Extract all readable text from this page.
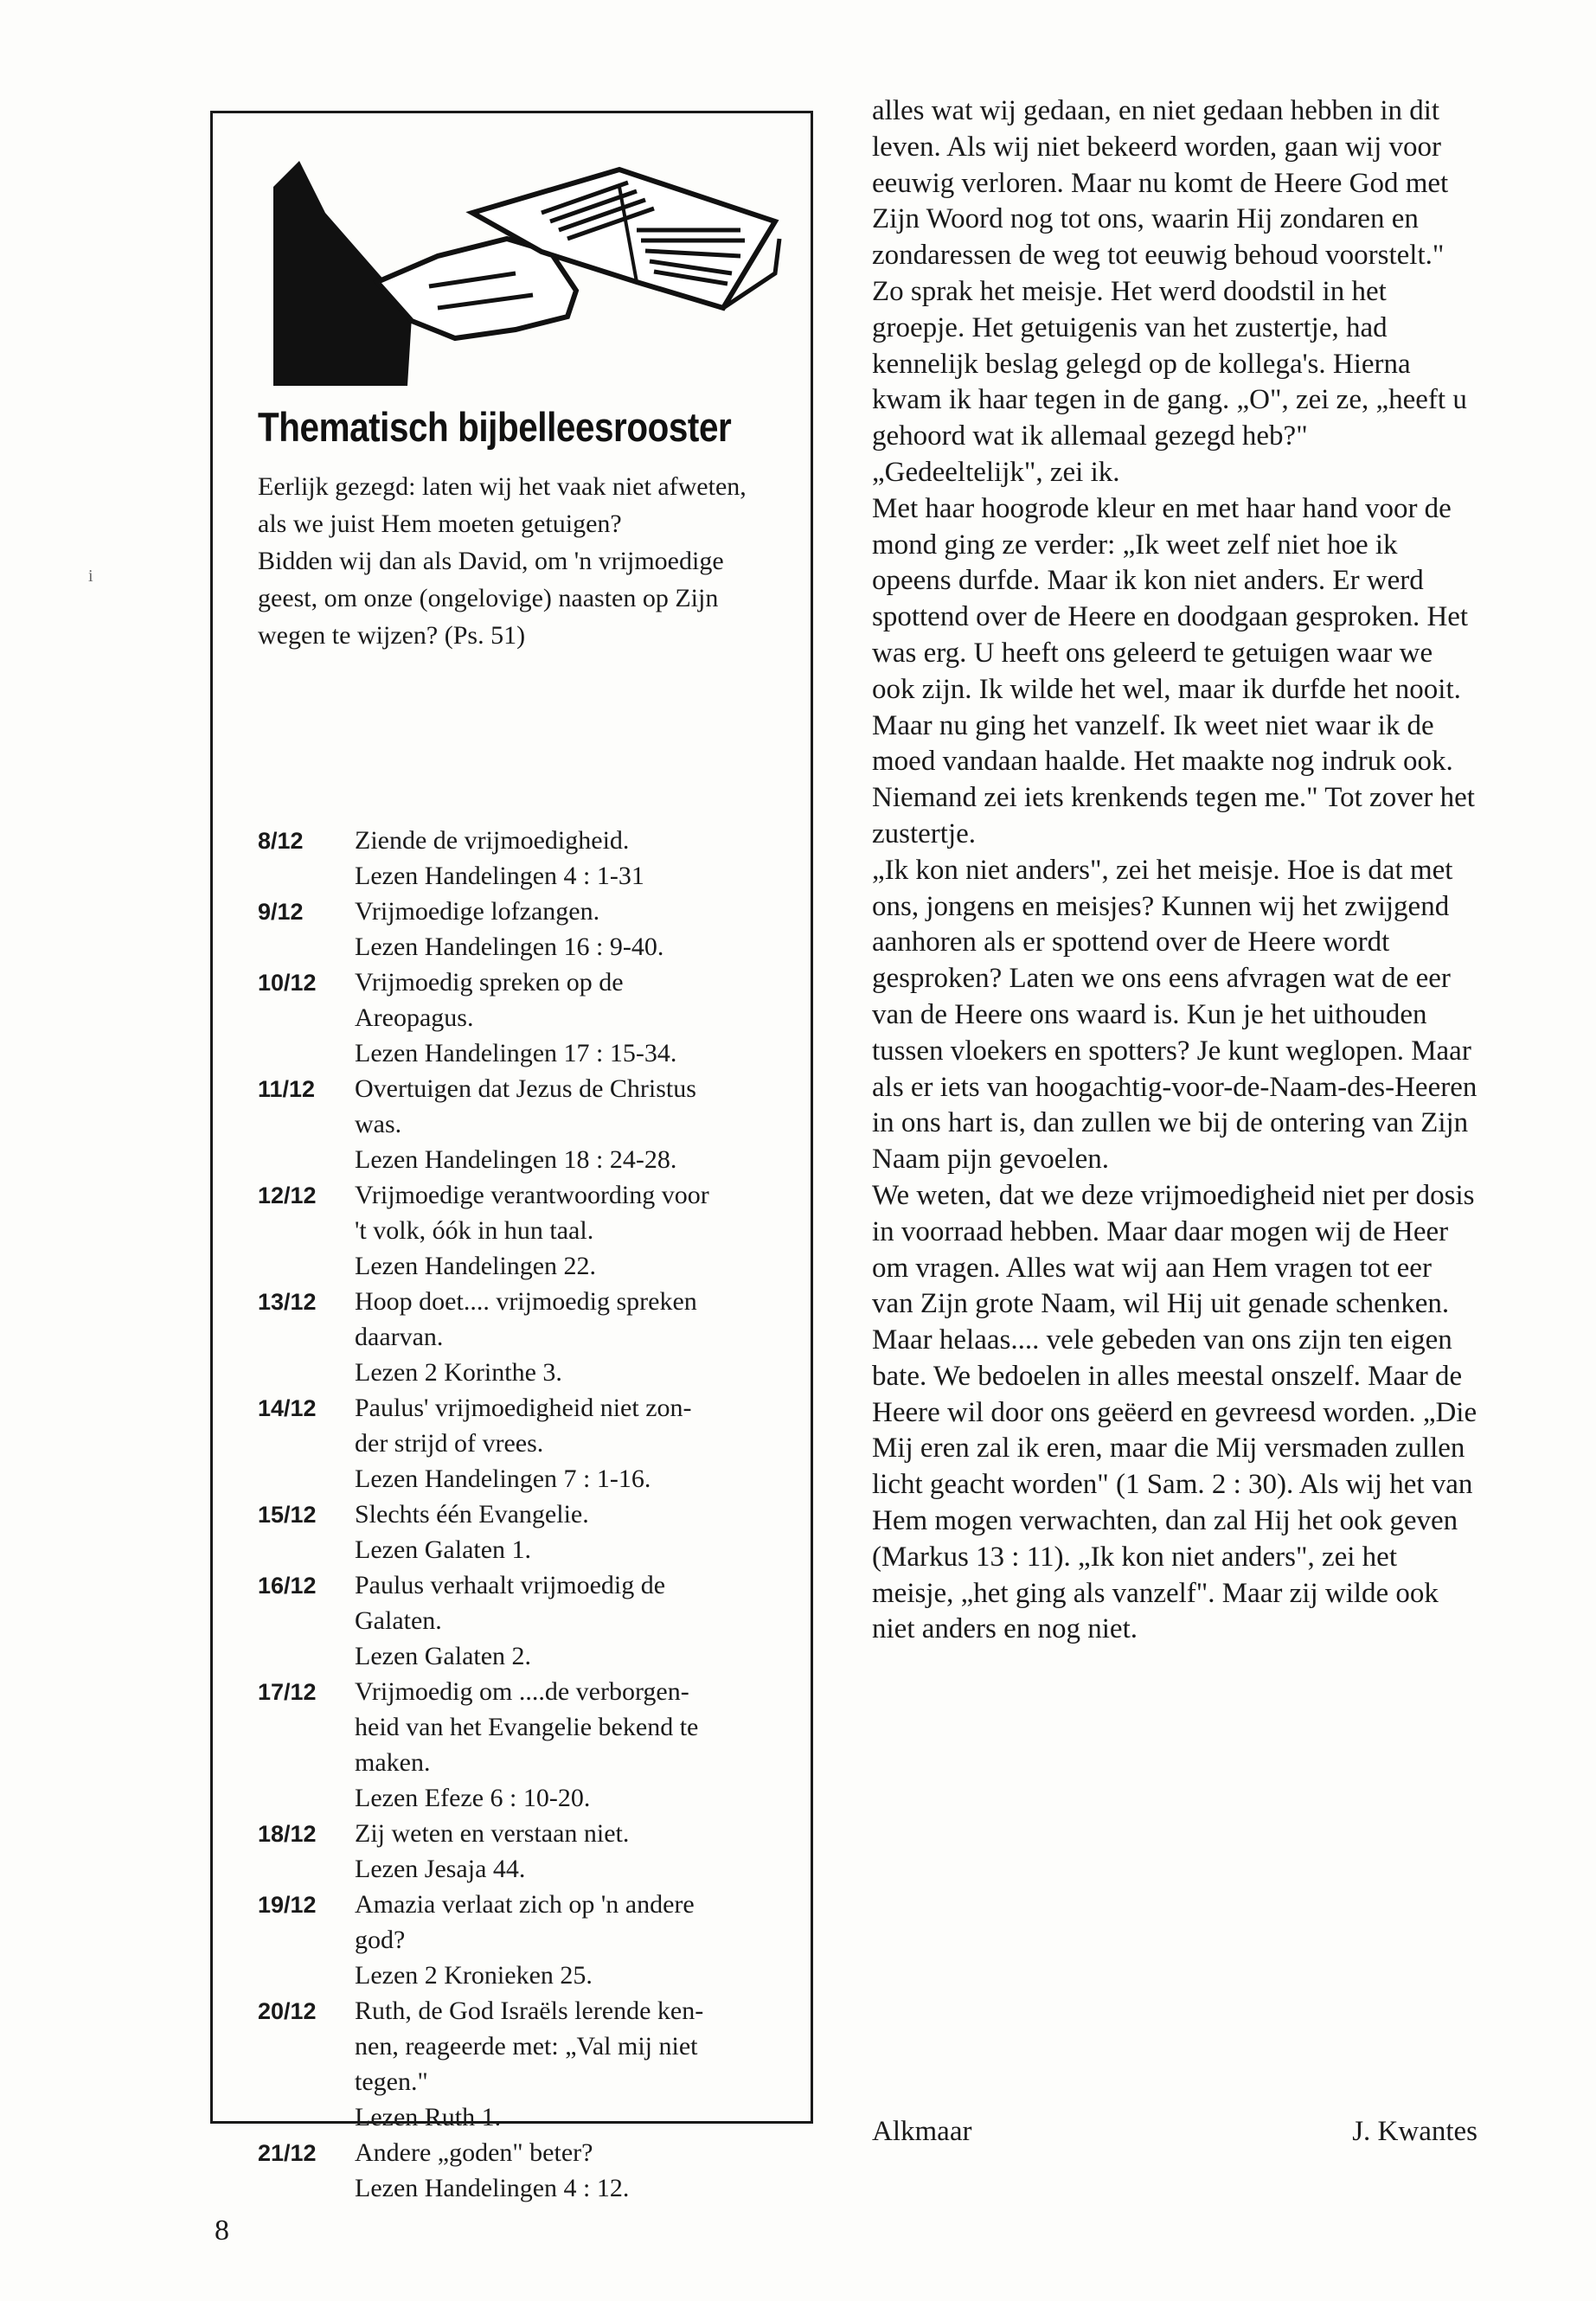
Thematisch bijbelleesrooster

Eerlijk gezegd: laten wij het vaak niet afweten, als we juist Hem moeten getuigen?

Bidden wij dan als David, om 'n vrijmoedige geest, om onze (ongelovige) naasten op Zijn wegen te wijzen? (Ps. 51)

8/12	Ziende de vrijmoedigheid.
Lezen Handelingen 4 : 1-31
9/12	Vrijmoedige lofzangen.
Lezen Handelingen 16 : 9-40.
10/12	Vrijmoedig spreken op de
Areopagus.
Lezen Handelingen 17 : 15-34.
11/12	Overtuigen dat Jezus de Christus
was.
Lezen Handelingen 18 : 24-28.
12/12	Vrijmoedige verantwoording voor
't volk, óók in hun taal.
Lezen Handelingen 22.
13/12	Hoop doet.... vrijmoedig spreken
daarvan.
Lezen 2 Korinthe 3.
14/12	Paulus' vrijmoedigheid niet zon-
der strijd of vrees.
Lezen Handelingen 7 : 1-16.
15/12	Slechts één Evangelie.
Lezen Galaten 1.
16/12	Paulus verhaalt vrijmoedig de
Galaten.
Lezen Galaten 2.
17/12	Vrijmoedig om ....de verborgen-
heid van het Evangelie bekend te
maken.
Lezen Efeze 6 : 10-20.
18/12	Zij weten en verstaan niet.
Lezen Jesaja 44.
19/12	Amazia verlaat zich op 'n andere
god?
Lezen 2 Kronieken 25.
20/12	Ruth, de God Israëls lerende ken-
nen, reageerde met: „Val mij niet
tegen."
Lezen Ruth 1.
21/12	Andere „goden" beter?
Lezen Handelingen 4 : 12.

alles wat wij gedaan, en niet gedaan hebben in dit leven. Als wij niet bekeerd worden, gaan wij voor eeuwig verloren. Maar nu komt de Heere God met Zijn Woord nog tot ons, waarin Hij zondaren en zondaressen de weg tot eeuwig behoud voorstelt." Zo sprak het meisje. Het werd doodstil in het groepje. Het getuigenis van het zustertje, had kennelijk beslag gelegd op de kollega's. Hierna kwam ik haar tegen in de gang. „O", zei ze, „heeft u gehoord wat ik allemaal gezegd heb?" „Gedeeltelijk", zei ik.

Met haar hoogrode kleur en met haar hand voor de mond ging ze verder: „Ik weet zelf niet hoe ik opeens durfde. Maar ik kon niet anders. Er werd spottend over de Heere en doodgaan gesproken. Het was erg. U heeft ons geleerd te getuigen waar we ook zijn. Ik wilde het wel, maar ik durfde het nooit. Maar nu ging het vanzelf. Ik weet niet waar ik de moed vandaan haalde. Het maakte nog indruk ook. Niemand zei iets krenkends tegen me." Tot zover het zustertje.

„Ik kon niet anders", zei het meisje. Hoe is dat met ons, jongens en meisjes? Kunnen wij het zwijgend aanhoren als er spottend over de Heere wordt gesproken? Laten we ons eens afvragen wat de eer van de Heere ons waard is. Kun je het uithouden tussen vloekers en spotters? Je kunt weglopen. Maar als er iets van hoogachtig-voor-de-Naam-des-Heeren in ons hart is, dan zullen we bij de ontering van Zijn Naam pijn gevoelen.

We weten, dat we deze vrijmoedigheid niet per dosis in voorraad hebben. Maar daar mogen wij de Heer om vragen. Alles wat wij aan Hem vragen tot eer van Zijn grote Naam, wil Hij uit genade schenken. Maar helaas.... vele gebeden van ons zijn ten eigen bate. We bedoelen in alles meestal onszelf. Maar de Heere wil door ons geëerd en gevreesd worden. „Die Mij eren zal ik eren, maar die Mij versmaden zullen licht geacht worden" (1 Sam. 2 : 30). Als wij het van Hem mogen verwachten, dan zal Hij het ook geven (Markus 13 : 11). „Ik kon niet anders", zei het meisje, „het ging als vanzelf". Maar zij wilde ook niet anders en nog niet.

Alkmaar	J. Kwantes
8
i
